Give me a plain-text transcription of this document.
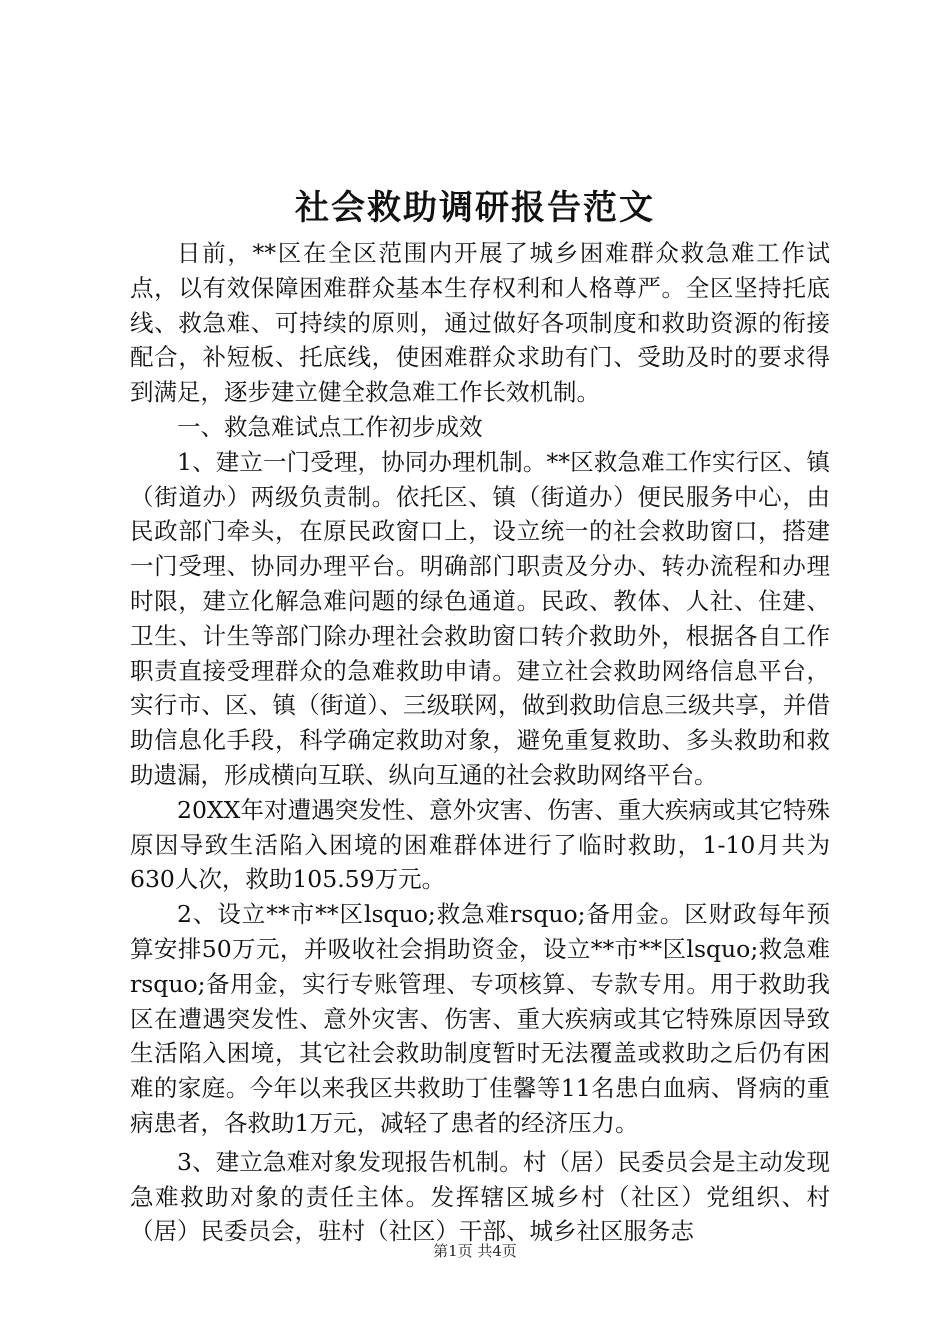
社会救助调研报告范文

日前，**区在全区范围内开展了城乡困难群众救急难工作试点，以有效保障困难群众基本生存权利和人格尊严。全区坚持托底线、救急难、可持续的原则，通过做好各项制度和救助资源的衔接配合，补短板、托底线，使困难群众求助有门、受助及时的要求得到满足，逐步建立健全救急难工作长效机制。

一、救急难试点工作初步成效

1、建立一门受理，协同办理机制。**区救急难工作实行区、镇（街道办）两级负责制。依托区、镇（街道办）便民服务中心，由民政部门牵头，在原民政窗口上，设立统一的社会救助窗口，搭建一门受理、协同办理平台。明确部门职责及分办、转办流程和办理时限，建立化解急难问题的绿色通道。民政、教体、人社、住建、卫生、计生等部门除办理社会救助窗口转介救助外，根据各自工作职责直接受理群众的急难救助申请。建立社会救助网络信息平台，实行市、区、镇（街道）、三级联网，做到救助信息三级共享，并借助信息化手段，科学确定救助对象，避免重复救助、多头救助和救助遗漏，形成横向互联、纵向互通的社会救助网络平台。

20XX年对遭遇突发性、意外灾害、伤害、重大疾病或其它特殊原因导致生活陷入困境的困难群体进行了临时救助，1-10月共为630人次，救助105.59万元。

2、设立**市**区lsquo;救急难rsquo;备用金。区财政每年预算安排50万元，并吸收社会捐助资金，设立**市**区lsquo;救急难rsquo;备用金，实行专账管理、专项核算、专款专用。用于救助我区在遭遇突发性、意外灾害、伤害、重大疾病或其它特殊原因导致生活陷入困境，其它社会救助制度暂时无法覆盖或救助之后仍有困难的家庭。今年以来我区共救助丁佳馨等11名患白血病、肾病的重病患者，各救助1万元，减轻了患者的经济压力。

3、建立急难对象发现报告机制。村（居）民委员会是主动发现急难救助对象的责任主体。发挥辖区城乡村（社区）党组织、村（居）民委员会，驻村（社区）干部、城乡社区服务志

第1页 共4页
